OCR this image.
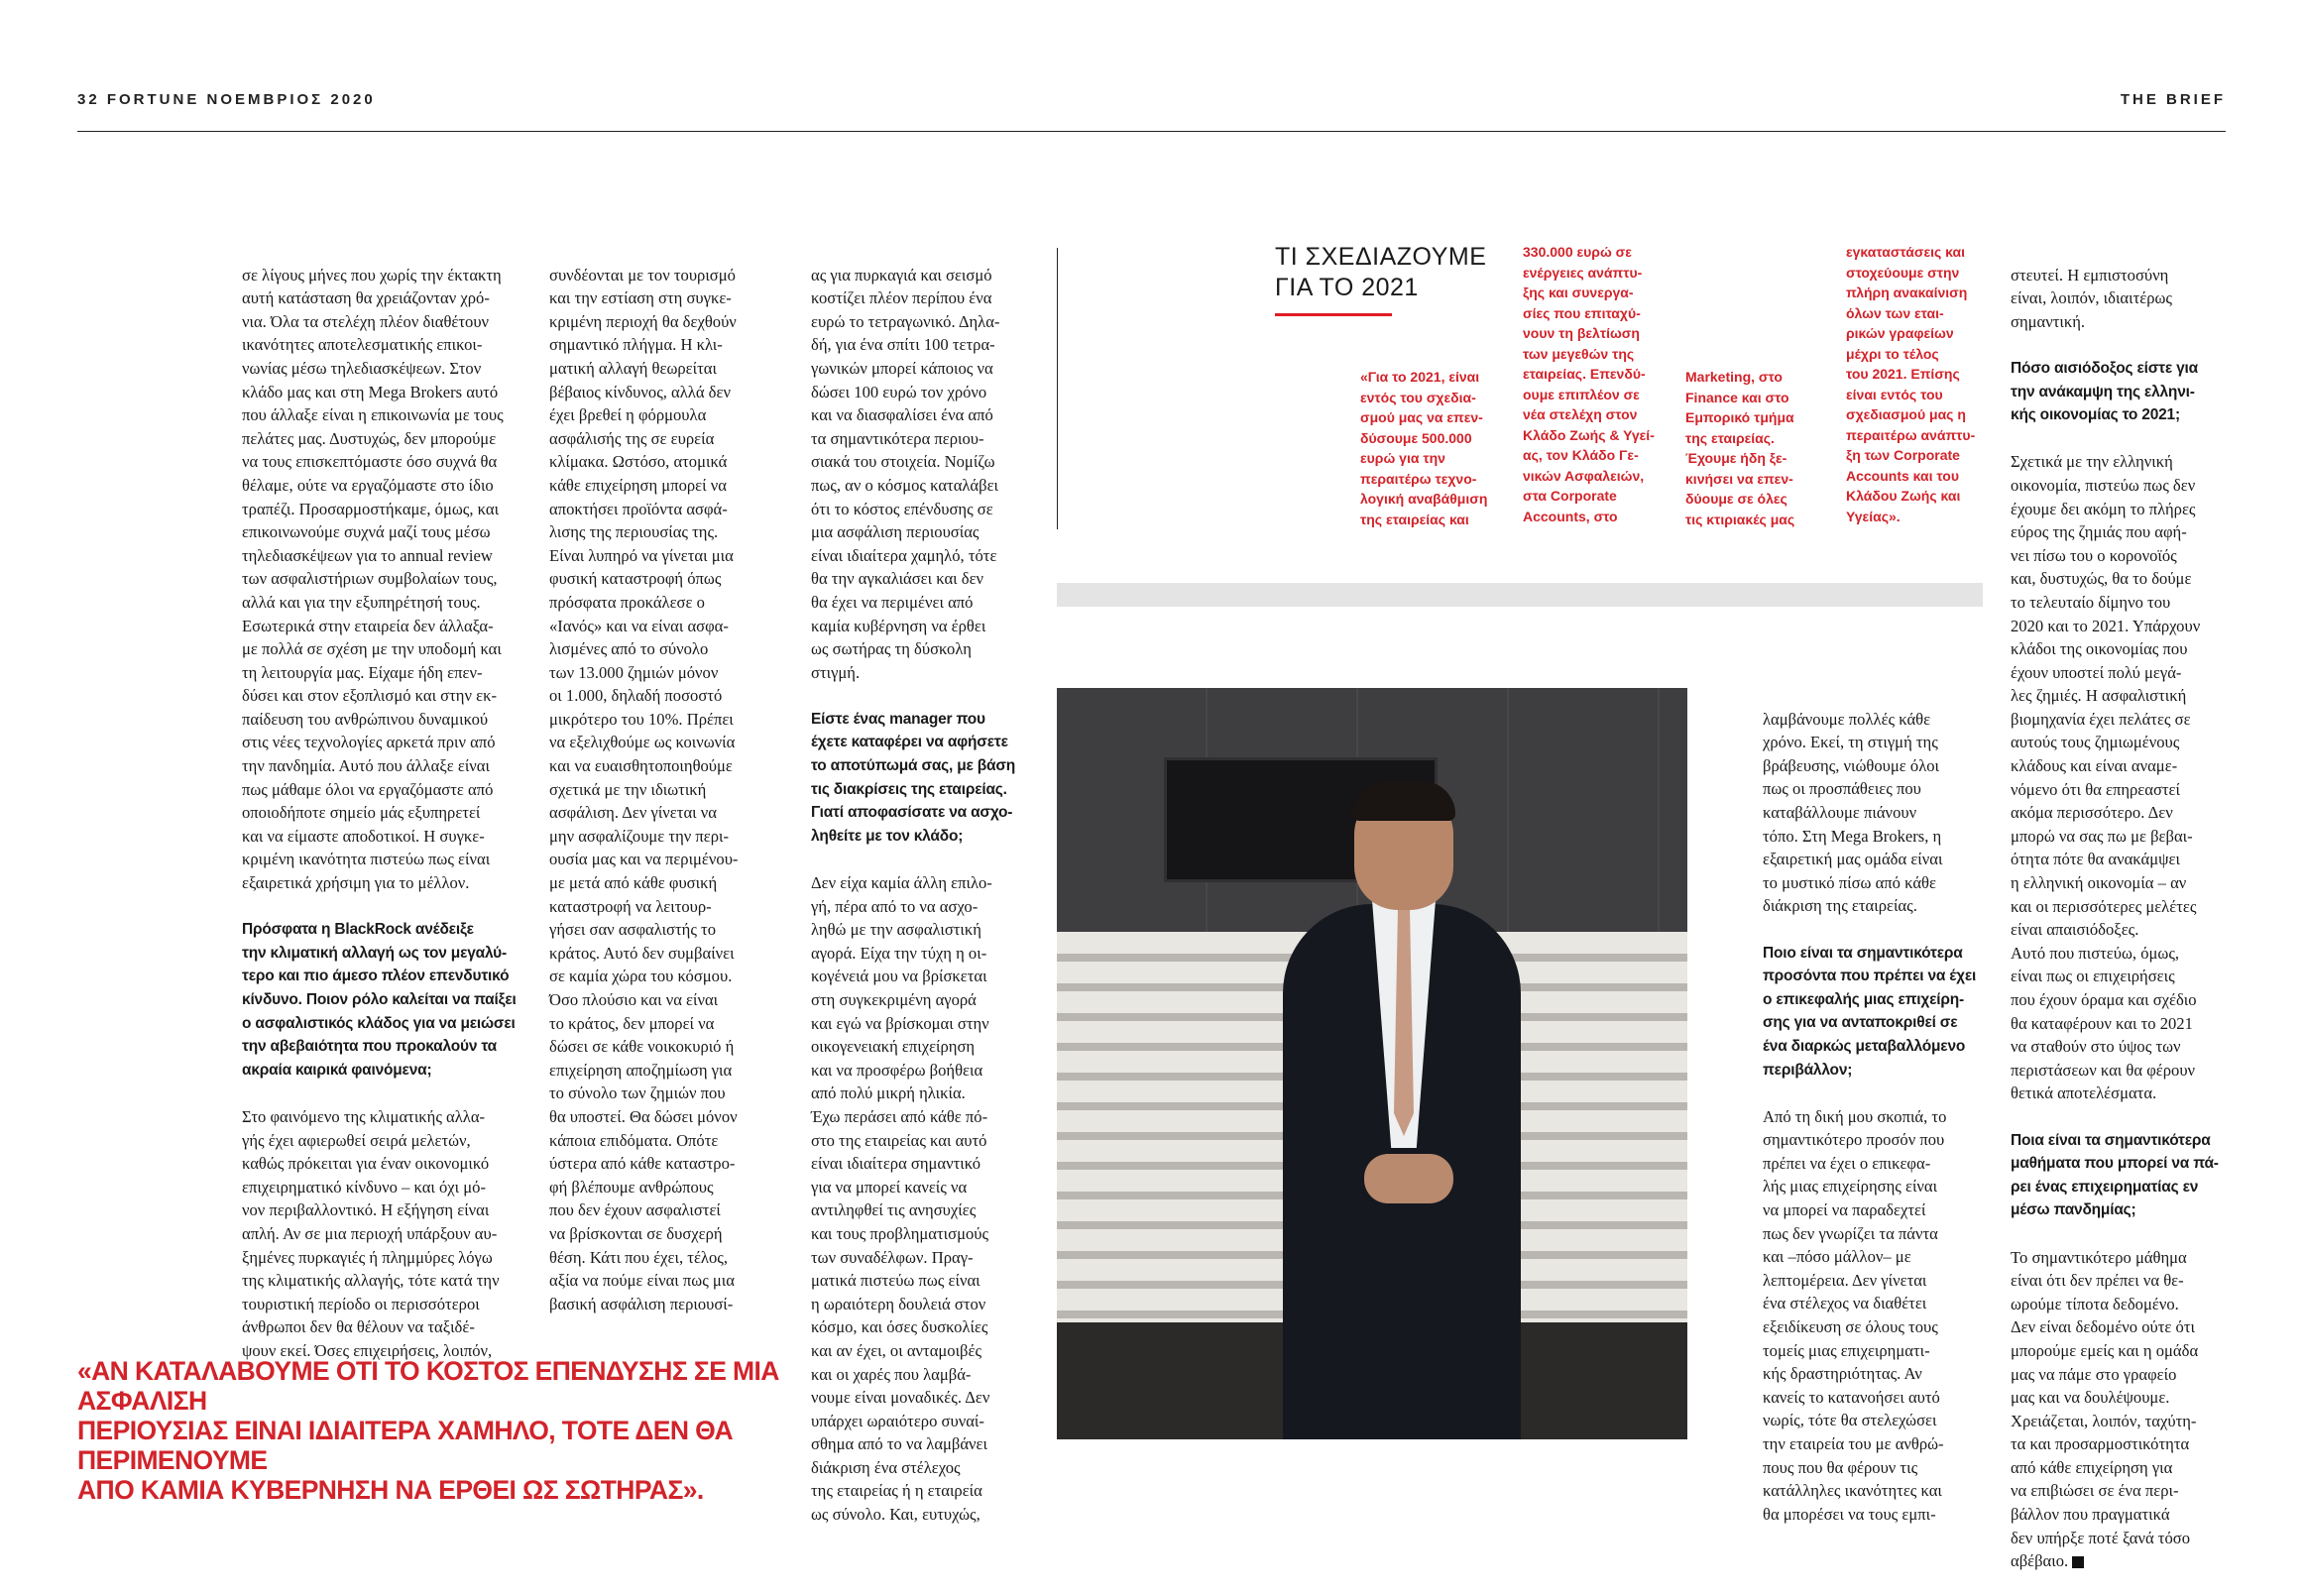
32 FORTUNE ΝΟΕΜΒΡΙΟΣ 2020	THE BRIEF

σε λίγους μήνες που χωρίς την έκτακτη
αυτή κατάσταση θα χρειάζονταν χρό-
νια. Όλα τα στελέχη πλέον διαθέτουν
ικανότητες αποτελεσματικής επικοι-
νωνίας μέσω τηλεδιασκέψεων. Στον
κλάδο μας και στη Mega Brokers αυτό
που άλλαξε είναι η επικοινωνία με τους
πελάτες μας. Δυστυχώς, δεν μπορούμε
να τους επισκεπτόμαστε όσο συχνά θα
θέλαμε, ούτε να εργαζόμαστε στο ίδιο
τραπέζι. Προσαρμοστήκαμε, όμως, και
επικοινωνούμε συχνά μαζί τους μέσω
τηλεδιασκέψεων για το annual review
των ασφαλιστήριων συμβολαίων τους,
αλλά και για την εξυπηρέτησή τους.
Εσωτερικά στην εταιρεία δεν άλλαξα-
με πολλά σε σχέση με την υποδομή και
τη λειτουργία μας. Είχαμε ήδη επεν-
δύσει και στον εξοπλισμό και στην εκ-
παίδευση του ανθρώπινου δυναμικού
στις νέες τεχνολογίες αρκετά πριν από
την πανδημία. Αυτό που άλλαξε είναι
πως μάθαμε όλοι να εργαζόμαστε από
οποιοδήποτε σημείο μάς εξυπηρετεί
και να είμαστε αποδοτικοί. Η συγκε-
κριμένη ικανότητα πιστεύω πως είναι
εξαιρετικά χρήσιμη για το μέλλον.

Πρόσφατα η BlackRock ανέδειξε
την κλιματική αλλαγή ως τον μεγαλύ-
τερο και πιο άμεσο πλέον επενδυτικό
κίνδυνο. Ποιον ρόλο καλείται να παίξει
ο ασφαλιστικός κλάδος για να μειώσει
την αβεβαιότητα που προκαλούν τα
ακραία καιρικά φαινόμενα;

Στο φαινόμενο της κλιματικής αλλα-
γής έχει αφιερωθεί σειρά μελετών,
καθώς πρόκειται για έναν οικονομικό
επιχειρηματικό κίνδυνο – και όχι μό-
νον περιβαλλοντικό. Η εξήγηση είναι
απλή. Αν σε μια περιοχή υπάρξουν αυ-
ξημένες πυρκαγιές ή πλημμύρες λόγω
της κλιματικής αλλαγής, τότε κατά την
τουριστική περίοδο οι περισσότεροι
άνθρωποι δεν θα θέλουν να ταξιδέ-
ψουν εκεί. Όσες επιχειρήσεις, λοιπόν,

συνδέονται με τον τουρισμό
και την εστίαση στη συγκε-
κριμένη περιοχή θα δεχθούν
σημαντικό πλήγμα. Η κλι-
ματική αλλαγή θεωρείται
βέβαιος κίνδυνος, αλλά δεν
έχει βρεθεί η φόρμουλα
ασφάλισής της σε ευρεία
κλίμακα. Ωστόσο, ατομικά
κάθε επιχείρηση μπορεί να
αποκτήσει προϊόντα ασφά-
λισης της περιουσίας της.
Είναι λυπηρό να γίνεται μια
φυσική καταστροφή όπως
πρόσφατα προκάλεσε ο
«Ιανός» και να είναι ασφα-
λισμένες από το σύνολο
των 13.000 ζημιών μόνον
οι 1.000, δηλαδή ποσοστό
μικρότερο του 10%. Πρέπει
να εξελιχθούμε ως κοινωνία
και να ευαισθητοποιηθούμε
σχετικά με την ιδιωτική
ασφάλιση. Δεν γίνεται να
μην ασφαλίζουμε την περι-
ουσία μας και να περιμένου-
με μετά από κάθε φυσική
καταστροφή να λειτουρ-
γήσει σαν ασφαλιστής το
κράτος. Αυτό δεν συμβαίνει
σε καμία χώρα του κόσμου.
Όσο πλούσιο και να είναι
το κράτος, δεν μπορεί να
δώσει σε κάθε νοικοκυριό ή
επιχείρηση αποζημίωση για
το σύνολο των ζημιών που
θα υποστεί. Θα δώσει μόνον
κάποια επιδόματα. Οπότε
ύστερα από κάθε καταστρο-
φή βλέπουμε ανθρώπους
που δεν έχουν ασφαλιστεί
να βρίσκονται σε δυσχερή
θέση. Κάτι που έχει, τέλος,
αξία να πούμε είναι πως μια
βασική ασφάλιση περιουσί-

ας για πυρκαγιά και σεισμό
κοστίζει πλέον περίπου ένα
ευρώ το τετραγωνικό. Δηλα-
δή, για ένα σπίτι 100 τετρα-
γωνικών μπορεί κάποιος να
δώσει 100 ευρώ τον χρόνο
και να διασφαλίσει ένα από
τα σημαντικότερα περιου-
σιακά του στοιχεία. Νομίζω
πως, αν ο κόσμος καταλάβει
ότι το κόστος επένδυσης σε
μια ασφάλιση περιουσίας
είναι ιδιαίτερα χαμηλό, τότε
θα την αγκαλιάσει και δεν
θα έχει να περιμένει από
καμία κυβέρνηση να έρθει
ως σωτήρας τη δύσκολη
στιγμή.

Είστε ένας manager που
έχετε καταφέρει να αφήσετε
το αποτύπωμά σας, με βάση
τις διακρίσεις της εταιρείας.
Γιατί αποφασίσατε να ασχο-
ληθείτε με τον κλάδο;

Δεν είχα καμία άλλη επιλο-
γή, πέρα από το να ασχο-
ληθώ με την ασφαλιστική
αγορά. Είχα την τύχη η οι-
κογένειά μου να βρίσκεται
στη συγκεκριμένη αγορά
και εγώ να βρίσκομαι στην
οικογενειακή επιχείρηση
και να προσφέρω βοήθεια
από πολύ μικρή ηλικία.
Έχω περάσει από κάθε πό-
στο της εταιρείας και αυτό
είναι ιδιαίτερα σημαντικό
για να μπορεί κανείς να
αντιληφθεί τις ανησυχίες
και τους προβληματισμούς
των συναδέλφων. Πραγ-
ματικά πιστεύω πως είναι
η ωραιότερη δουλειά στον
κόσμο, και όσες δυσκολίες
και αν έχει, οι ανταμοιβές
και οι χαρές που λαμβά-
νουμε είναι μοναδικές. Δεν
υπάρχει ωραιότερο συναί-
σθημα από το να λαμβάνει
διάκριση ένα στέλεχος
της εταιρείας ή η εταιρεία
ως σύνολο. Και, ευτυχώς,

ΤΙ ΣΧΕΔΙΑΖΟΥΜΕ
ΓΙΑ ΤΟ 2021
«Για το 2021, είναι
εντός του σχεδια-
σμού μας να επεν-
δύσουμε 500.000
ευρώ για την
περαιτέρω τεχνο-
λογική αναβάθμιση
της εταιρείας και
330.000 ευρώ σε
ενέργειες ανάπτυ-
ξης και συνεργα-
σίες που επιταχύ-
νουν τη βελτίωση
των μεγεθών της
εταιρείας. Επενδύ-
ουμε επιπλέον σε
νέα στελέχη στον
Κλάδο Ζωής & Υγεί-
ας, τον Κλάδο Γε-
νικών Ασφαλειών,
στα Corporate
Accounts, στο
Marketing, στο
Finance και στο
Εμπορικό τμήμα
της εταιρείας.
Έχουμε ήδη ξε-
κινήσει να επεν-
δύουμε σε όλες
τις κτιριακές μας
εγκαταστάσεις και
στοχεύουμε στην
πλήρη ανακαίνιση
όλων των εται-
ρικών γραφείων
μέχρι το τέλος
του 2021. Επίσης
είναι εντός του
σχεδιασμού μας η
περαιτέρω ανάπτυ-
ξη των Corporate
Accounts και του
Κλάδου Ζωής και
Υγείας».

λαμβάνουμε πολλές κάθε
χρόνο. Εκεί, τη στιγμή της
βράβευσης, νιώθουμε όλοι
πως οι προσπάθειες που
καταβάλλουμε πιάνουν
τόπο. Στη Mega Brokers, η
εξαιρετική μας ομάδα είναι
το μυστικό πίσω από κάθε
διάκριση της εταιρείας.

Ποιο είναι τα σημαντικότερα
προσόντα που πρέπει να έχει
ο επικεφαλής μιας επιχείρη-
σης για να ανταποκριθεί σε
ένα διαρκώς μεταβαλλόμενο
περιβάλλον;

Από τη δική μου σκοπιά, το
σημαντικότερο προσόν που
πρέπει να έχει ο επικεφα-
λής μιας επιχείρησης είναι
να μπορεί να παραδεχτεί
πως δεν γνωρίζει τα πάντα
και –πόσο μάλλον– με
λεπτομέρεια. Δεν γίνεται
ένα στέλεχος να διαθέτει
εξειδίκευση σε όλους τους
τομείς μιας επιχειρηματι-
κής δραστηριότητας. Αν
κανείς το κατανοήσει αυτό
νωρίς, τότε θα στελεχώσει
την εταιρεία του με ανθρώ-
πους που θα φέρουν τις
κατάλληλες ικανότητες και
θα μπορέσει να τους εμπι-

στευτεί. Η εμπιστοσύνη
είναι, λοιπόν, ιδιαιτέρως
σημαντική.

Πόσο αισιόδοξος είστε για
την ανάκαμψη της ελληνι-
κής οικονομίας το 2021;

Σχετικά με την ελληνική
οικονομία, πιστεύω πως δεν
έχουμε δει ακόμη το πλήρες
εύρος της ζημιάς που αφή-
νει πίσω του ο κορονοϊός
και, δυστυχώς, θα το δούμε
το τελευταίο δίμηνο του
2020 και το 2021. Υπάρχουν
κλάδοι της οικονομίας που
έχουν υποστεί πολύ μεγά-
λες ζημιές. Η ασφαλιστική
βιομηχανία έχει πελάτες σε
αυτούς τους ζημιωμένους
κλάδους και είναι αναμε-
νόμενο ότι θα επηρεαστεί
ακόμα περισσότερο. Δεν
μπορώ να σας πω με βεβαι-
ότητα πότε θα ανακάμψει
η ελληνική οικονομία – αν
και οι περισσότερες μελέτες
είναι απαισιόδοξες.
Αυτό που πιστεύω, όμως,
είναι πως οι επιχειρήσεις
που έχουν όραμα και σχέδιο
θα καταφέρουν και το 2021
να σταθούν στο ύψος των
περιστάσεων και θα φέρουν
θετικά αποτελέσματα.

Ποια είναι τα σημαντικότερα
μαθήματα που μπορεί να πά-
ρει ένας επιχειρηματίας εν
μέσω πανδημίας;

Το σημαντικότερο μάθημα
είναι ότι δεν πρέπει να θε-
ωρούμε τίποτα δεδομένο.
Δεν είναι δεδομένο ούτε ότι
μπορούμε εμείς και η ομάδα
μας να πάμε στο γραφείο
μας και να δουλέψουμε.
Χρειάζεται, λοιπόν, ταχύτη-
τα και προσαρμοστικότητα
από κάθε επιχείρηση για
να επιβιώσει σε ένα περι-
βάλλον που πραγματικά
δεν υπήρξε ποτέ ξανά τόσο
αβέβαιο.

«ΑΝ ΚΑΤΑΛΑΒΟΥΜΕ ΟΤΙ ΤΟ ΚΟΣΤΟΣ ΕΠΕΝΔΥΣΗΣ ΣΕ ΜΙΑ ΑΣΦΑΛΙΣΗ
ΠΕΡΙΟΥΣΙΑΣ ΕΙΝΑΙ ΙΔΙΑΙΤΕΡΑ ΧΑΜΗΛΟ, ΤΟΤΕ ΔΕΝ ΘΑ ΠΕΡΙΜΕΝΟΥΜΕ
ΑΠΟ ΚΑΜΙΑ ΚΥΒΕΡΝΗΣΗ ΝΑ ΕΡΘΕΙ ΩΣ ΣΩΤΗΡΑΣ».
